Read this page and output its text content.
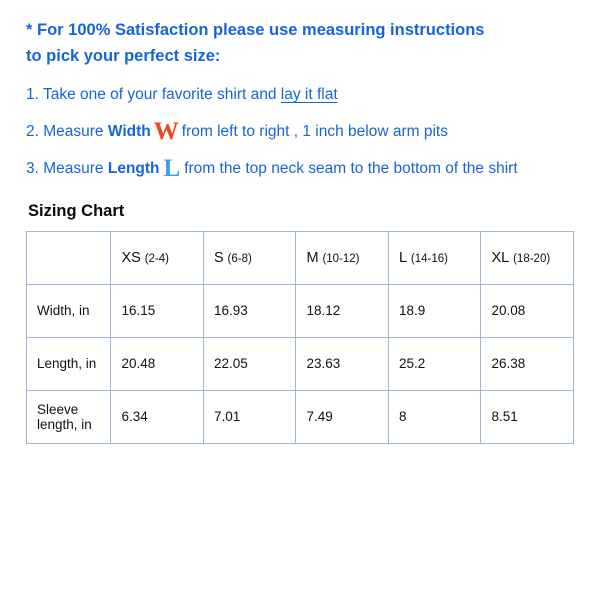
* For 100% Satisfaction please use measuring instructions
to pick your perfect size:

1. Take one of your favorite shirt and lay it flat

2. Measure Width W from left to right , 1 inch below arm pits

3. Measure Length L from the top neck seam to the bottom of the shirt

Sizing Chart
	XS (2-4)	S (6-8)	M (10-12)	L (14-16)	XL (18-20)
Width, in	16.15	16.93	18.12	18.9	20.08
Length, in	20.48	22.05	23.63	25.2	26.38
Sleeve length, in	6.34	7.01	7.49	8	8.51
